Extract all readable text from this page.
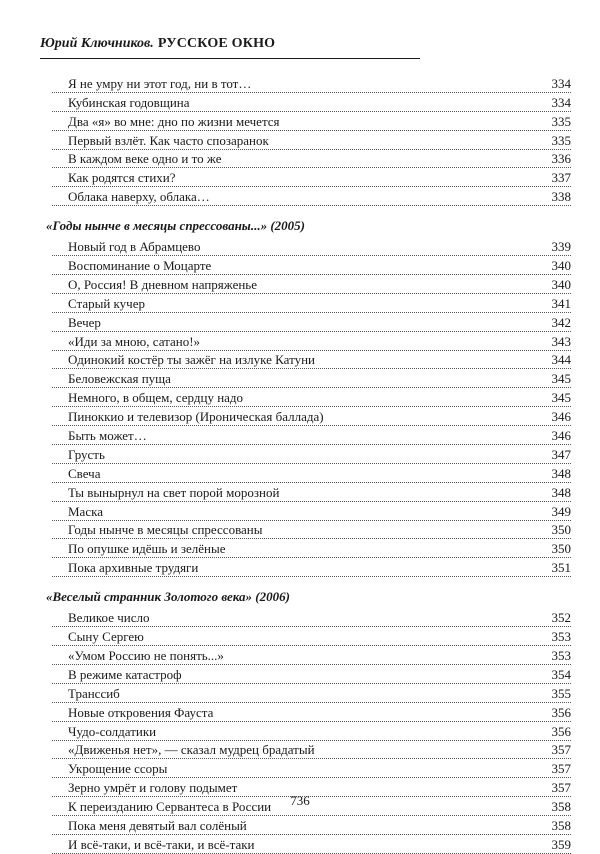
Юрий Ключников. РУССКОЕ ОКНО
Я не умру ни этот год, ни в тот…	334
Кубинская годовщина	334
Два «я» во мне: дно по жизни мечется	335
Первый взлёт. Как часто спозаранок	335
В каждом веке одно и то же	336
Как родятся стихи?	337
Облака наверху, облака…	338
«Годы нынче в месяцы спрессованы...» (2005)
Новый год в Абрамцево	339
Воспоминание о Моцарте	340
О, Россия! В дневном напряженье	340
Старый кучер	341
Вечер	342
«Иди за мною, сатано!»	343
Одинокий костёр ты зажёг на излуке Катуни	344
Беловежская пуща	345
Немного, в общем, сердцу надо	345
Пиноккио и телевизор (Ироническая баллада)	346
Быть может…	346
Грусть	347
Свеча	348
Ты вынырнул на свет порой морозной	348
Маска	349
Годы нынче в месяцы спрессованы	350
По опушке идёшь и зелёные	350
Пока архивные трудяги	351
«Веселый странник Золотого века» (2006)
Великое число	352
Сыну Сергею	353
«Умом Россию не понять...»	353
В режиме катастроф	354
Транссиб	355
Новые откровения Фауста	356
Чудо-солдатики	356
«Движенья нет», — сказал мудрец брадатый	357
Укрощение ссоры	357
Зерно умрёт и голову подымет	357
К переизданию Сервантеса в России	358
Пока меня девятый вал солёный	358
И всё-таки, и всё-таки, и всё-таки	359
736
